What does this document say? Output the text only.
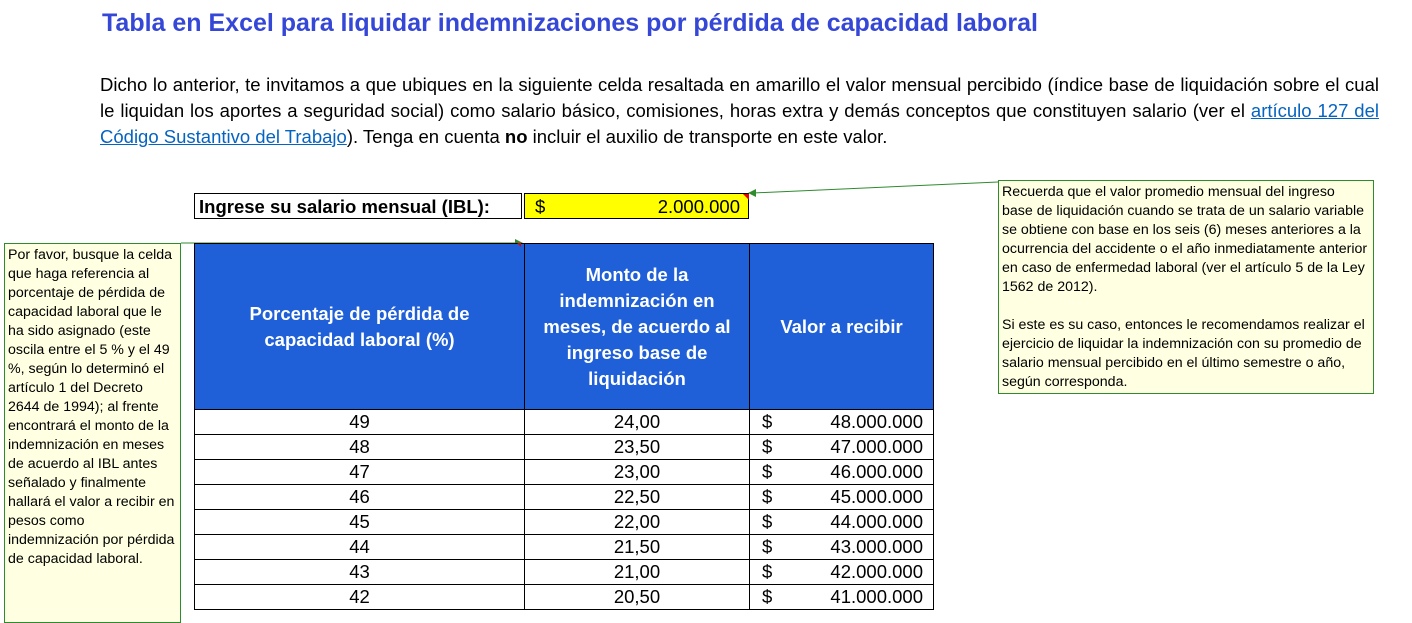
Tabla en Excel para liquidar indemnizaciones por pérdida de capacidad laboral

Dicho lo anterior, te invitamos a que ubiques en la siguiente celda resaltada en amarillo el valor mensual percibido (índice base de liquidación sobre el cual le liquidan los aportes a seguridad social) como salario básico, comisiones, horas extra y demás conceptos que constituyen salario (ver el artículo 127 del Código Sustantivo del Trabajo). Tenga en cuenta no incluir el auxilio de transporte en este valor.

Ingrese su salario mensual (IBL):	$	2.000.000
Porcentaje de pérdida de capacidad laboral (%)	Monto de la indemnización en meses, de acuerdo al ingreso base de liquidación	Valor a recibir
49	24,00	$ 48.000.000

48	23,50	$ 47.000.000

47	23,00	$ 46.000.000

46	22,50	$ 45.000.000

45	22,00	$ 44.000.000

44	21,50	$ 43.000.000

43	21,00	$ 42.000.000

42	20,50	$ 41.000.000

Recuerda que el valor promedio mensual del ingreso base de liquidación cuando se trata de un salario variable se obtiene con base en los seis (6) meses anteriores a la ocurrencia del accidente o el año inmediatamente anterior en caso de enfermedad laboral (ver el artículo 5 de la Ley 1562 de 2012).

Si este es su caso, entonces le recomendamos realizar el ejercicio de liquidar la indemnización con su promedio de salario mensual percibido en el último semestre o año, según corresponda.

Por favor, busque la celda que haga referencia al porcentaje de pérdida de capacidad laboral que le ha sido asignado (este oscila entre el 5 % y el 49 %, según lo determinó el artículo 1 del Decreto 2644 de 1994); al frente encontrará el monto de la indemnización en meses de acuerdo al IBL antes señalado y finalmente hallará el valor a recibir en pesos como indemnización por pérdida de capacidad laboral.
